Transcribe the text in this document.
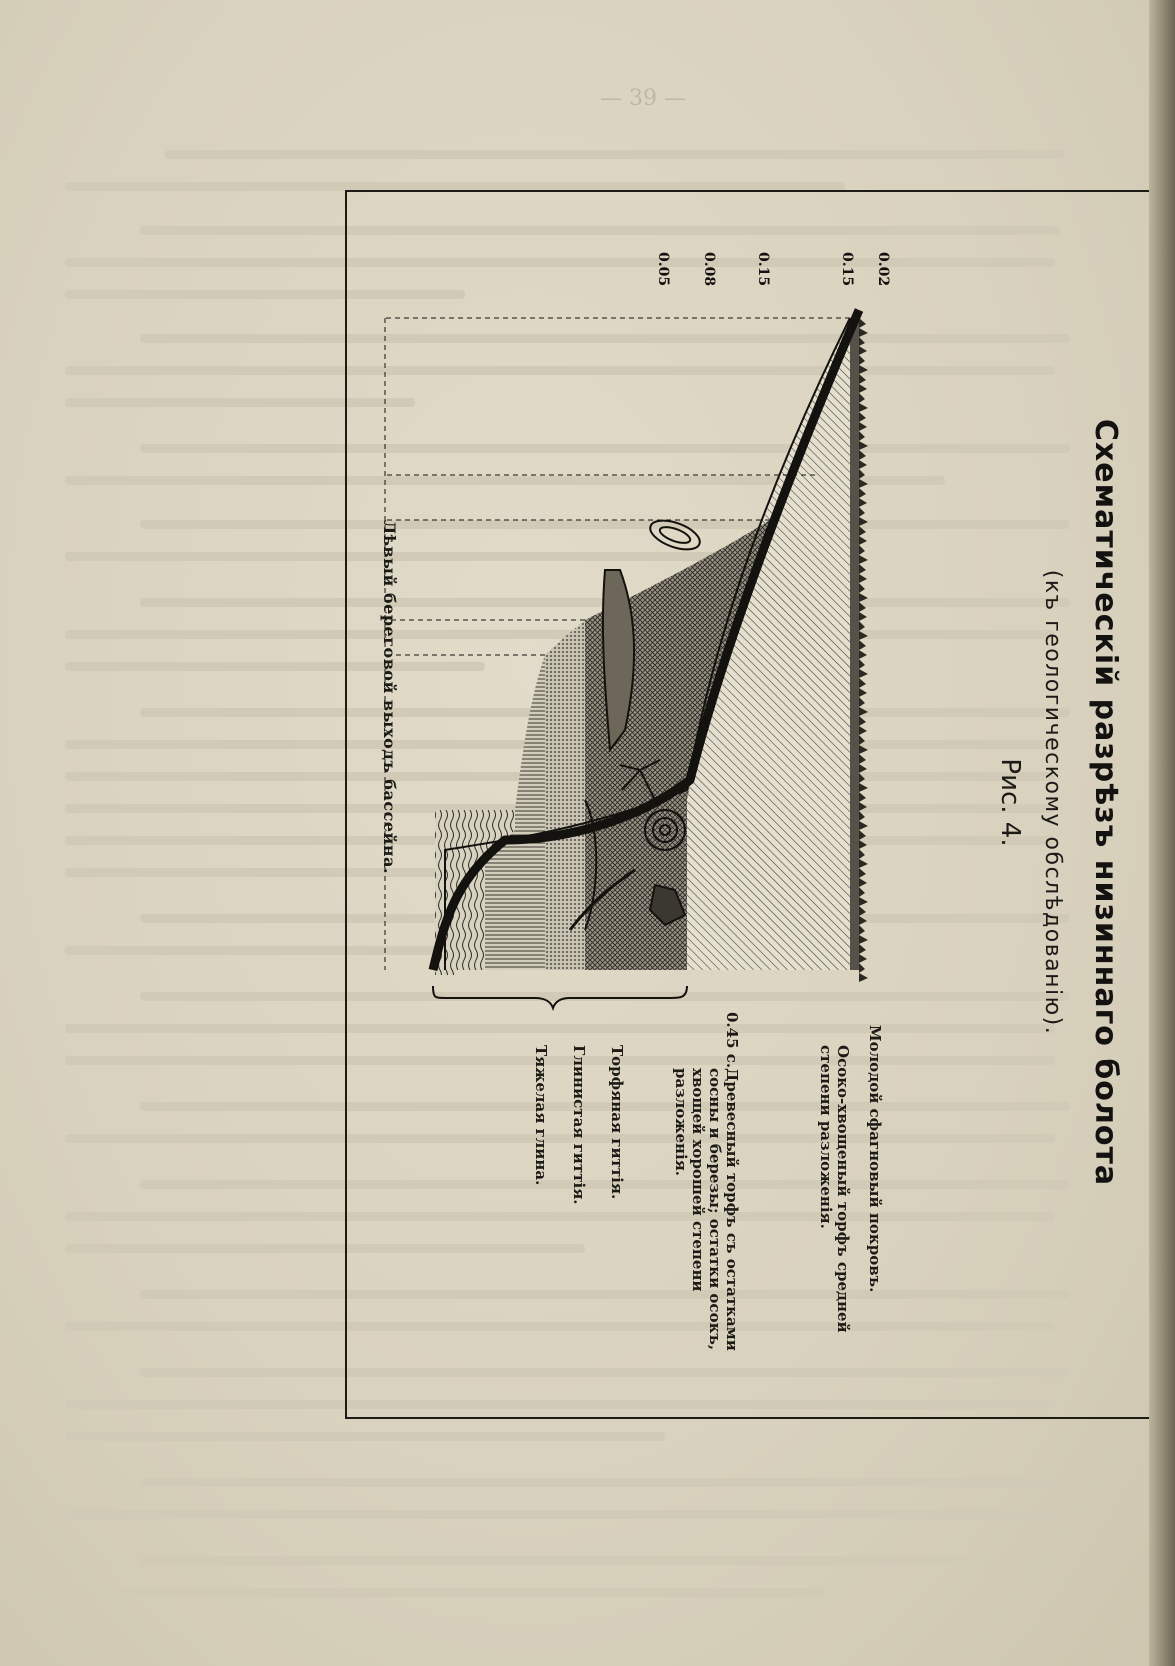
— 39 —
Схематическій разрѣзъ низиннаго болота
(къ геологическому обслѣдованію).
Рис. 4.
0.02
0.15
0.15
0.08
0.05
Молодой сфагновый покровъ.
Осоко-хвощеный торфъ средней степени разложенія.
0.45 с.
Древесный торфъ съ остатками сосны и березы; остатки осокъ, хвощей хорошей степени разложенія.
Торфяная гиттія.
Глинистая гиттія.
Тяжелая глина.
Лѣвый береговой выходъ бассейна.
